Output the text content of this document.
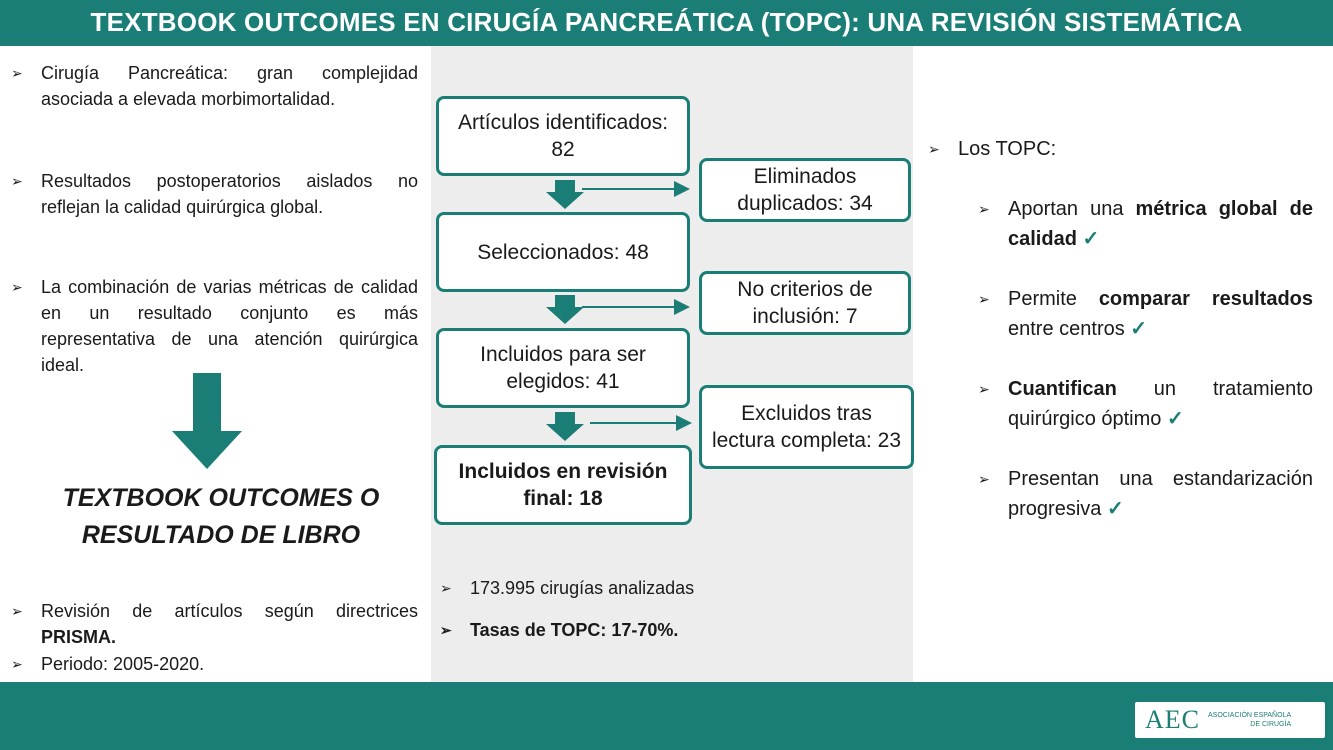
TEXTBOOK OUTCOMES EN CIRUGÍA PANCREÁTICA (TOPC): UNA REVISIÓN SISTEMÁTICA
➢ Cirugía Pancreática: gran complejidad asociada a elevada morbimortalidad.
➢ Resultados postoperatorios aislados no reflejan la calidad quirúrgica global.
➢ La combinación de varias métricas de calidad en un resultado conjunto es más representativa de una atención quirúrgica ideal.
TEXTBOOK OUTCOMES O RESULTADO DE LIBRO
➢ Revisión de artículos según directrices PRISMA.
➢ Periodo: 2005-2020.
Artículos identificados: 82
Seleccionados: 48
Incluidos para ser elegidos: 41
Incluidos en revisión final: 18
Eliminados duplicados: 34
No criterios de inclusión: 7
Excluidos tras lectura completa: 23
➢ 173.995 cirugías analizadas
➢ Tasas de TOPC: 17-70%.
➢ Los TOPC:
➢ Aportan una métrica global de calidad ✓
➢ Permite comparar resultados entre centros ✓
➢ Cuantifican un tratamiento quirúrgico óptimo ✓
➢ Presentan una estandarización progresiva ✓
AEC ASOCIACIÓN ESPAÑOLA
DE CIRUGÍA
